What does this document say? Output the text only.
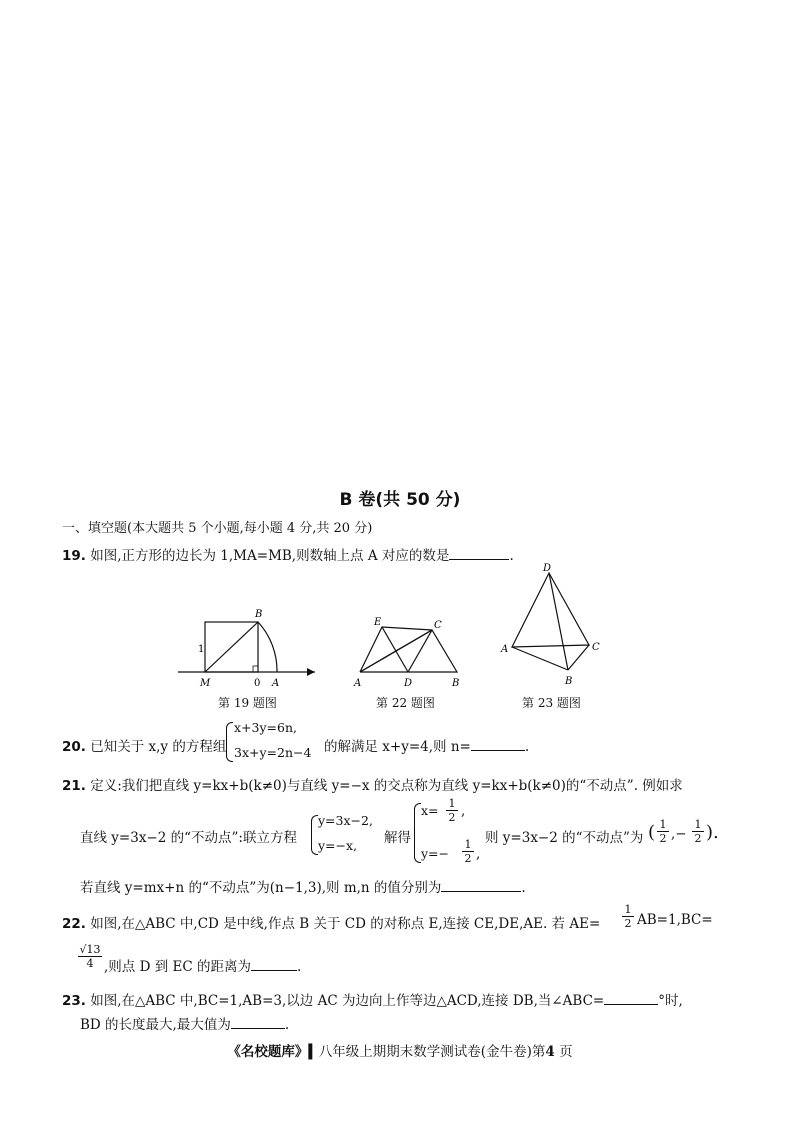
B 卷(共 50 分)
一、填空题(本大题共 5 个小题,每小题 4 分,共 20 分)
19. 如图,正方形的边长为 1,MA=MB,则数轴上点 A 对应的数是	.
B
M	0 A
1
第 19 题图
E	C
A	D	B
第 22 题图
D
A	C
B
第 23 题图
20. 已知关于 x,y 的方程组
x+3y=6n,
3x+y=2n−4 的解满足 x+y=4,则 n=	.
21. 定义:我们把直线 y=kx+b(k≠0)与直线 y=−x 的交点称为直线 y=kx+b(k≠0)的“不动点”. 例如求
直线 y=3x−2 的“不动点”:联立方程
y=3x−2,
y=−x, 解得
$x= \frac{1}{2}$ ,
$y=- \frac{1}{2}$ ,
则 y=3x−2 的“不动点”为 ( $\frac{1}{2}$ ,− $\frac{1}{2}$ ).
若直线 y=mx+n 的“不动点”为(n−1,3),则 m,n 的值分别为	.
22. 如图,在△ABC 中,CD 是中线,作点 B 关于 CD 的对称点 E,连接 CE,DE,AE. 若 $AE= \frac{1}{2} AB=1,BC=$
$\frac{√13}{4}$ ,则点 D 到 EC 的距离为	.
23. 如图,在△ABC 中,BC=1,AB=3,以边 AC 为边向上作等边△ACD,连接 DB,当∠ABC=	°时,
BD 的长度最大,最大值为	.
《名校题库》▍八年级上期期末数学测试卷(金牛卷)第4 页
